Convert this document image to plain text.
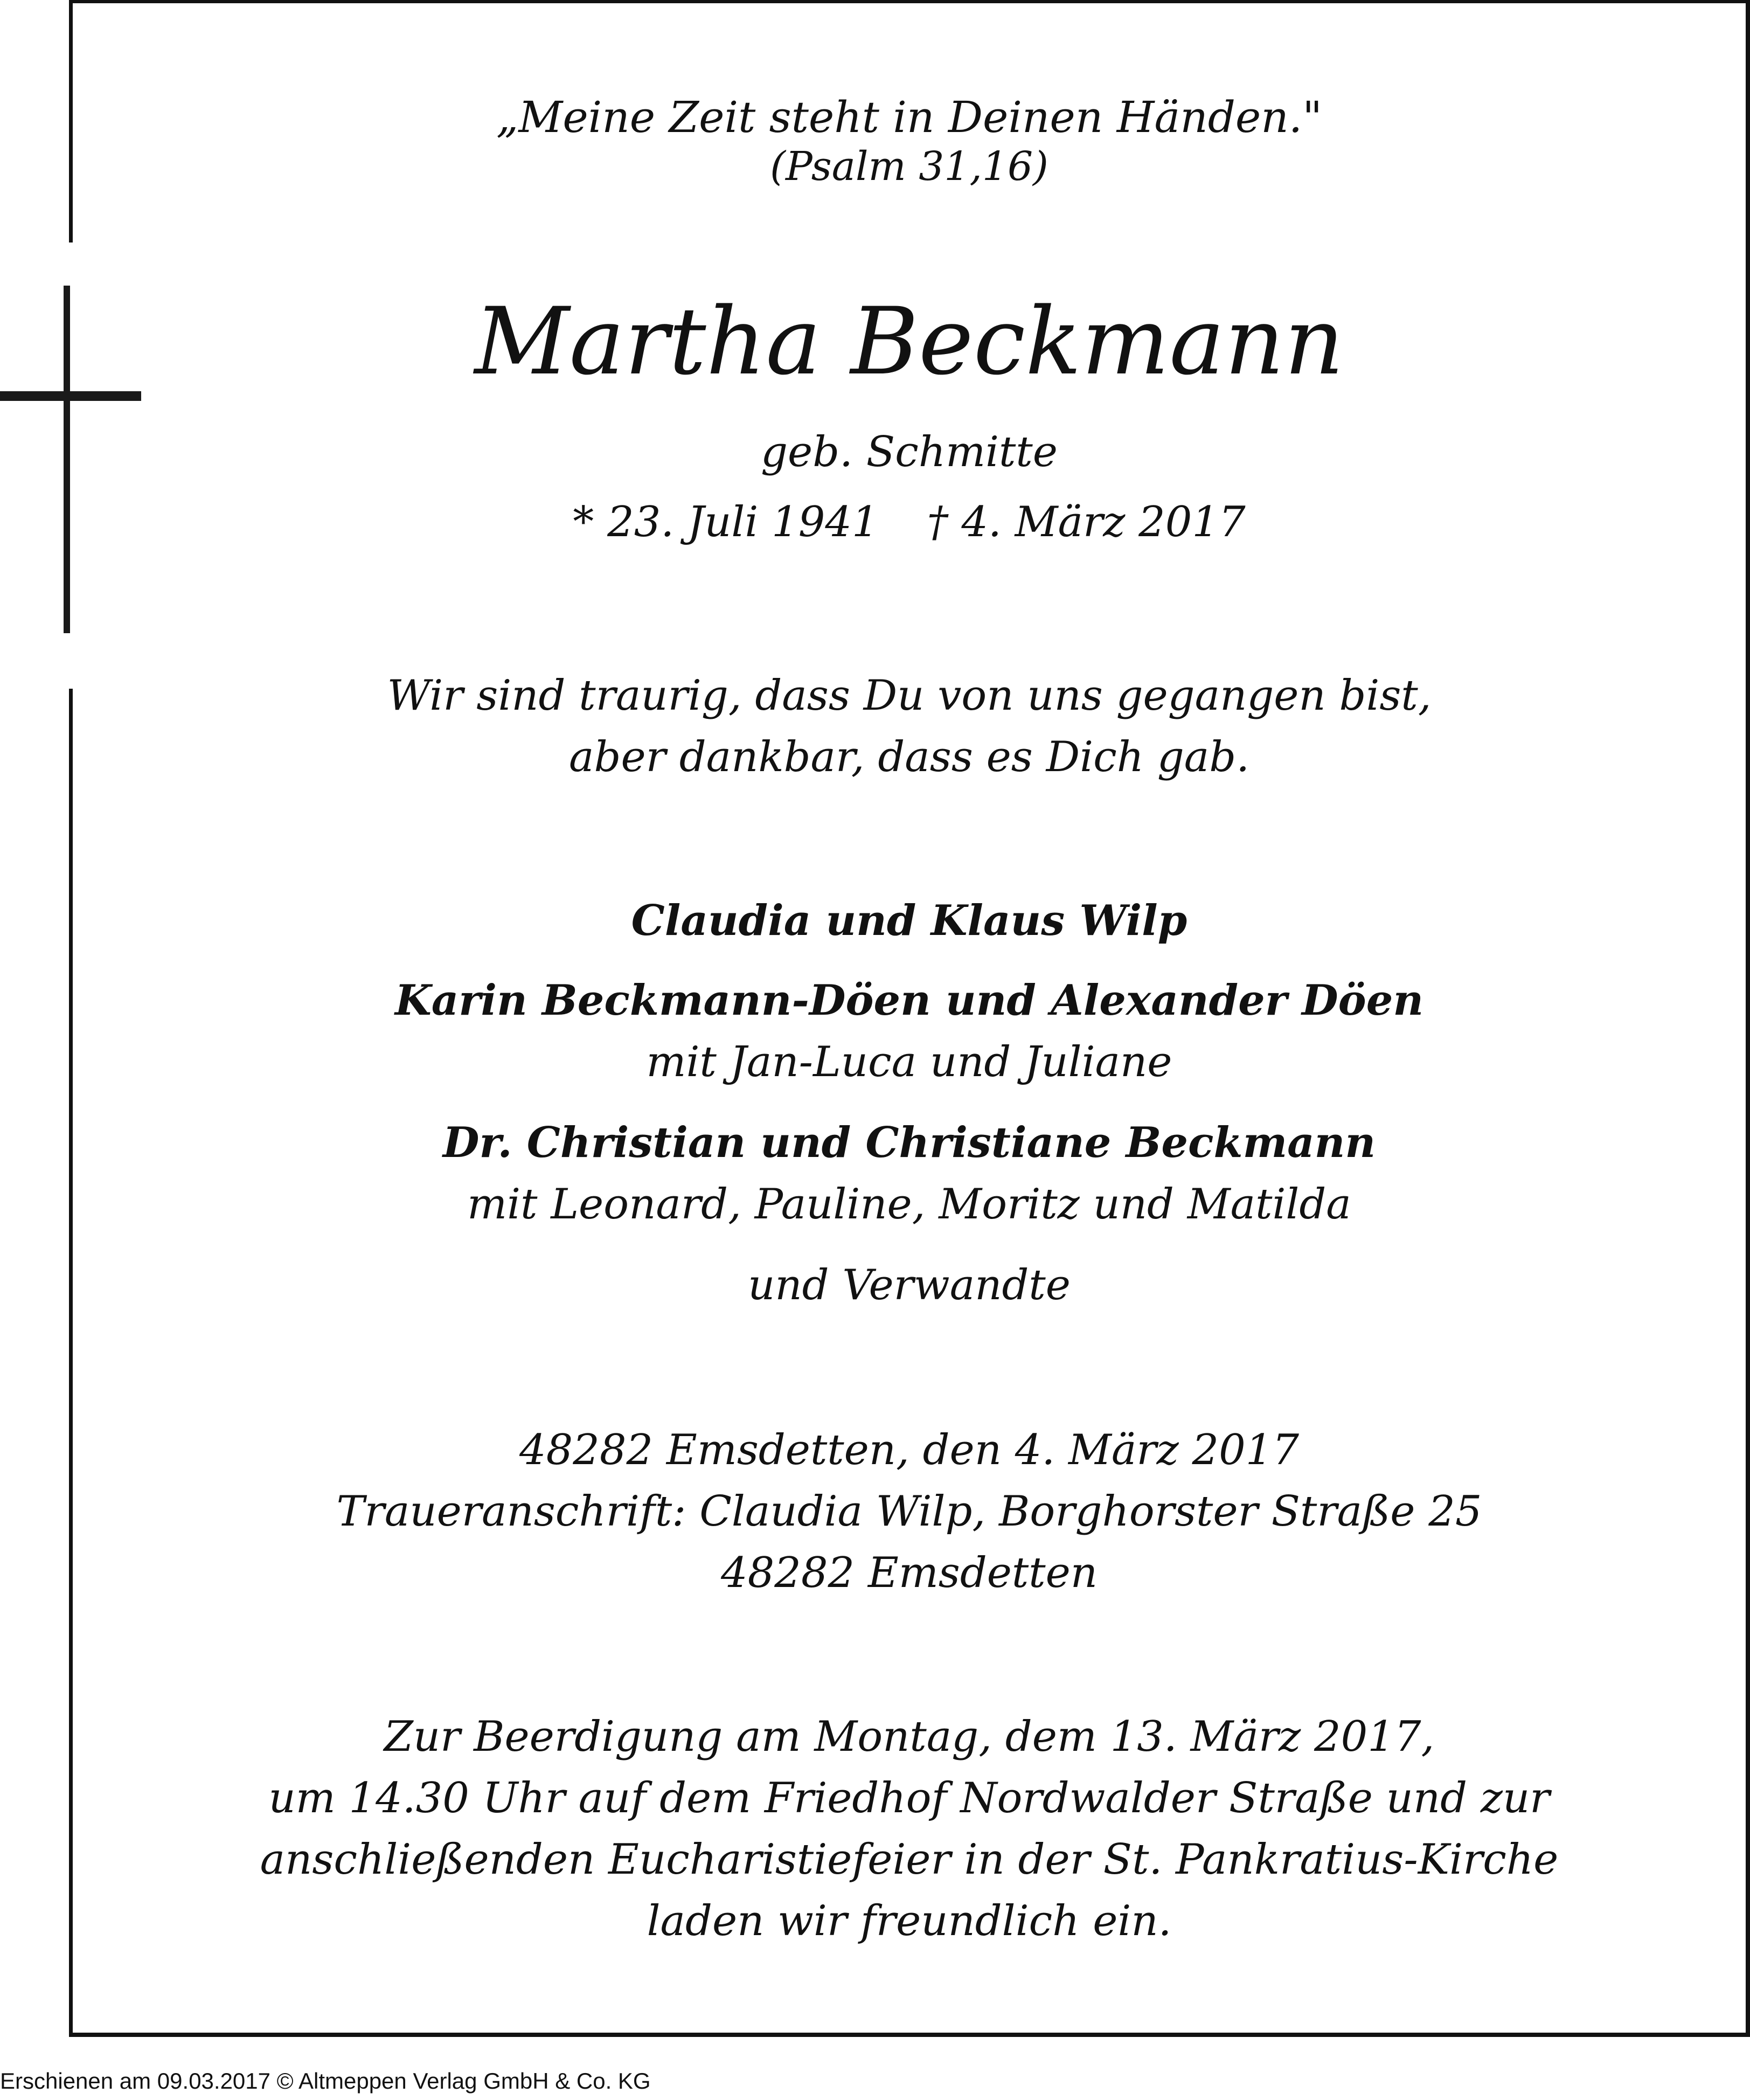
„Meine Zeit steht in Deinen Händen."
(Psalm 31,16)
Martha Beckmann
geb. Schmitte
* 23. Juli 1941 † 4. März 2017
Wir sind traurig, dass Du von uns gegangen bist,
aber dankbar, dass es Dich gab.
Claudia und Klaus Wilp
Karin Beckmann-Döen und Alexander Döen
mit Jan-Luca und Juliane
Dr. Christian und Christiane Beckmann
mit Leonard, Pauline, Moritz und Matilda
und Verwandte
48282 Emsdetten, den 4. März 2017
Traueranschrift: Claudia Wilp, Borghorster Straße 25
48282 Emsdetten
Zur Beerdigung am Montag, dem 13. März 2017,
um 14.30 Uhr auf dem Friedhof Nordwalder Straße und zur
anschließenden Eucharistiefeier in der St. Pankratius-Kirche
laden wir freundlich ein.
Erschienen am 09.03.2017 © Altmeppen Verlag GmbH & Co. KG
